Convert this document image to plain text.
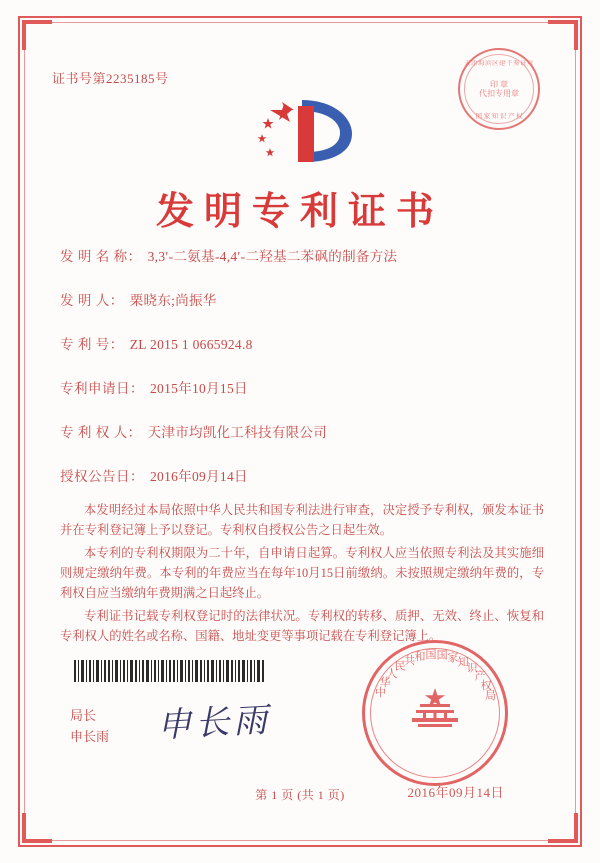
证书号第2235185号
天津海滨区建千鉴证章
印 章
代扣专用章
国 家 知 识 产 权
发明专利证书
发 明 名 称： 3,3′-二氨基-4,4′-二羟基二苯砜的制备方法
发 明 人： 栗晓东;尚振华
专 利 号： ZL 2015 1 0665924.8
专利申请日： 2015年10月15日
专 利 权 人： 天津市均凯化工科技有限公司
授权公告日： 2016年09月14日

本发明经过本局依照中华人民共和国专利法进行审查，决定授予专利权，颁发本证书并在专利登记簿上予以登记。专利权自授权公告之日起生效。

本专利的专利权期限为二十年，自申请日起算。专利权人应当依照专利法及其实施细则规定缴纳年费。本专利的年费应当在每年10月15日前缴纳。未按照规定缴纳年费的，专利权自应当缴纳年费期满之日起终止。

专利证书记载专利权登记时的法律状况。专利权的转移、质押、无效、终止、恢复和专利权人的姓名或名称、国籍、地址变更等事项记载在专利登记簿上。

局长
申长雨 申长雨
中
华
人
民
共 和 国 国 家 知
识
产
权
局
2016年09月14日
第 1 页 (共 1 页)
